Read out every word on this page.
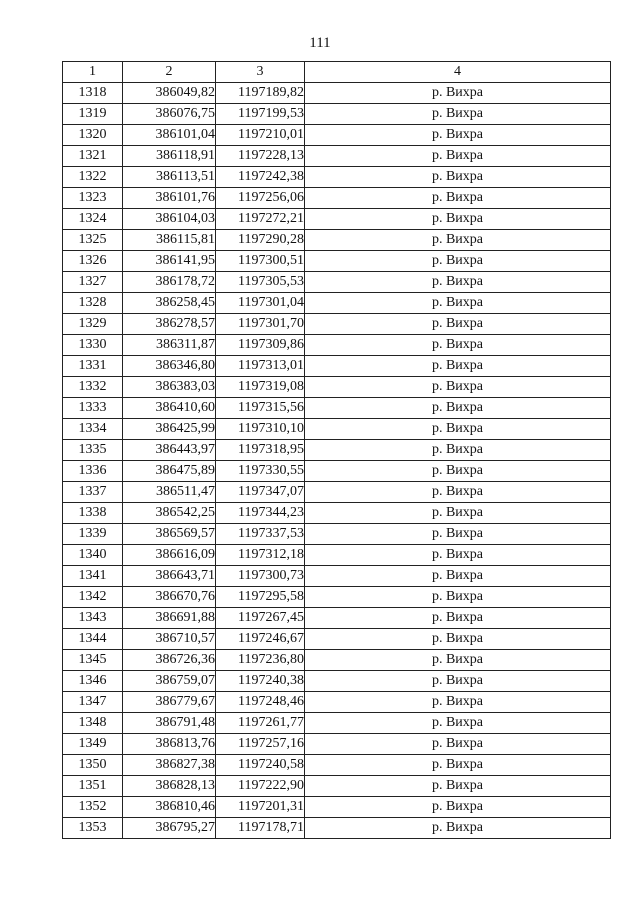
111
1	2	3	4
1318	386049,82	1197189,82	р. Вихра
1319	386076,75	1197199,53	р. Вихра
1320	386101,04	1197210,01	р. Вихра
1321	386118,91	1197228,13	р. Вихра
1322	386113,51	1197242,38	р. Вихра
1323	386101,76	1197256,06	р. Вихра
1324	386104,03	1197272,21	р. Вихра
1325	386115,81	1197290,28	р. Вихра
1326	386141,95	1197300,51	р. Вихра
1327	386178,72	1197305,53	р. Вихра
1328	386258,45	1197301,04	р. Вихра
1329	386278,57	1197301,70	р. Вихра
1330	386311,87	1197309,86	р. Вихра
1331	386346,80	1197313,01	р. Вихра
1332	386383,03	1197319,08	р. Вихра
1333	386410,60	1197315,56	р. Вихра
1334	386425,99	1197310,10	р. Вихра
1335	386443,97	1197318,95	р. Вихра
1336	386475,89	1197330,55	р. Вихра
1337	386511,47	1197347,07	р. Вихра
1338	386542,25	1197344,23	р. Вихра
1339	386569,57	1197337,53	р. Вихра
1340	386616,09	1197312,18	р. Вихра
1341	386643,71	1197300,73	р. Вихра
1342	386670,76	1197295,58	р. Вихра
1343	386691,88	1197267,45	р. Вихра
1344	386710,57	1197246,67	р. Вихра
1345	386726,36	1197236,80	р. Вихра
1346	386759,07	1197240,38	р. Вихра
1347	386779,67	1197248,46	р. Вихра
1348	386791,48	1197261,77	р. Вихра
1349	386813,76	1197257,16	р. Вихра
1350	386827,38	1197240,58	р. Вихра
1351	386828,13	1197222,90	р. Вихра
1352	386810,46	1197201,31	р. Вихра
1353	386795,27	1197178,71	р. Вихра
